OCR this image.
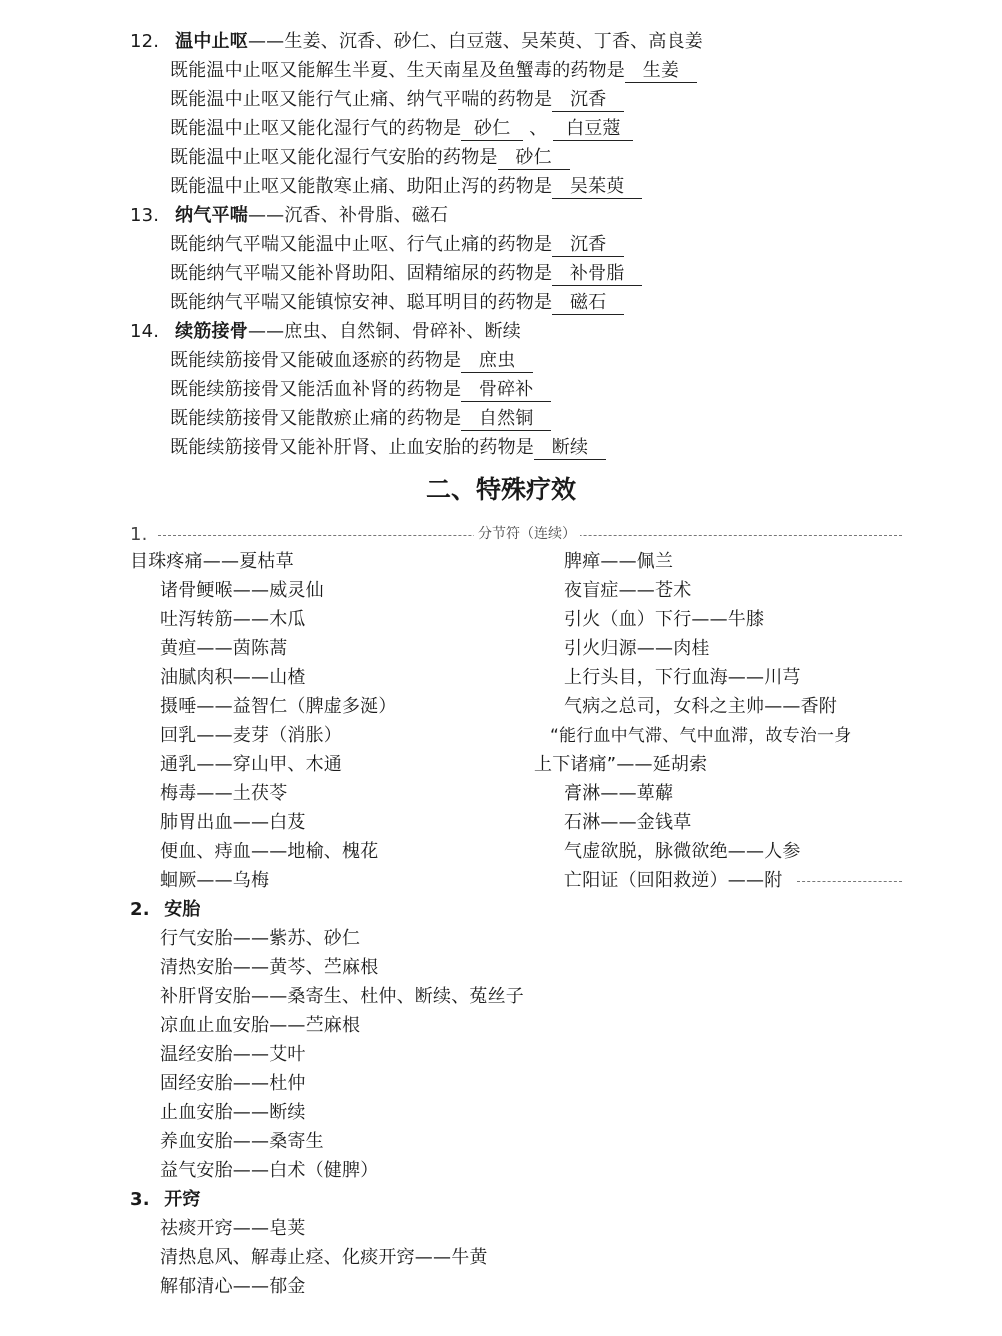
12. 温中止呕——生姜、沉香、砂仁、白豆蔻、吴茱萸、丁香、高良姜
既能温中止呕又能解生半夏、生天南星及鱼蟹毒的药物是 生姜
既能温中止呕又能行气止痛、纳气平喘的药物是 沉香
既能温中止呕又能化湿行气的药物是 砂仁 、 白豆蔻
既能温中止呕又能化湿行气安胎的药物是 砂仁
既能温中止呕又能散寒止痛、助阳止泻的药物是 吴茱萸
13. 纳气平喘——沉香、补骨脂、磁石
既能纳气平喘又能温中止呕、行气止痛的药物是 沉香
既能纳气平喘又能补肾助阳、固精缩尿的药物是 补骨脂
既能纳气平喘又能镇惊安神、聪耳明目的药物是 磁石
14. 续筋接骨——庶虫、自然铜、骨碎补、断续
既能续筋接骨又能破血逐瘀的药物是 庶虫
既能续筋接骨又能活血补肾的药物是 骨碎补
既能续筋接骨又能散瘀止痛的药物是 自然铜
既能续筋接骨又能补肝肾、止血安胎的药物是 断续
二、特殊疗效
1.	分节符（连续）
目珠疼痛——夏枯草
诸骨鲠喉——威灵仙
吐泻转筋——木瓜
黄疸——茵陈蒿
油腻肉积——山楂
摄唾——益智仁（脾虚多涎）
回乳——麦芽（消胀）
通乳——穿山甲、木通
梅毒——土茯苓
肺胃出血——白芨
便血、痔血——地榆、槐花
蛔厥——乌梅
脾瘅——佩兰
夜盲症——苍术
引火（血）下行——牛膝
引火归源——肉桂
上行头目，下行血海——川芎
气病之总司，女科之主帅——香附
“能行血中气滞、气中血滞，故专治一身
上下诸痛”——延胡索
膏淋——萆薢
石淋——金钱草
气虚欲脱，脉微欲绝——人参
亡阳证（回阳救逆）——附
2. 安胎
行气安胎——紫苏、砂仁
清热安胎——黄芩、苎麻根
补肝肾安胎——桑寄生、杜仲、断续、菟丝子
凉血止血安胎——苎麻根
温经安胎——艾叶
固经安胎——杜仲
止血安胎——断续
养血安胎——桑寄生
益气安胎——白术（健脾）
3. 开窍
祛痰开窍——皂荚
清热息风、解毒止痉、化痰开窍——牛黄
解郁清心——郁金
